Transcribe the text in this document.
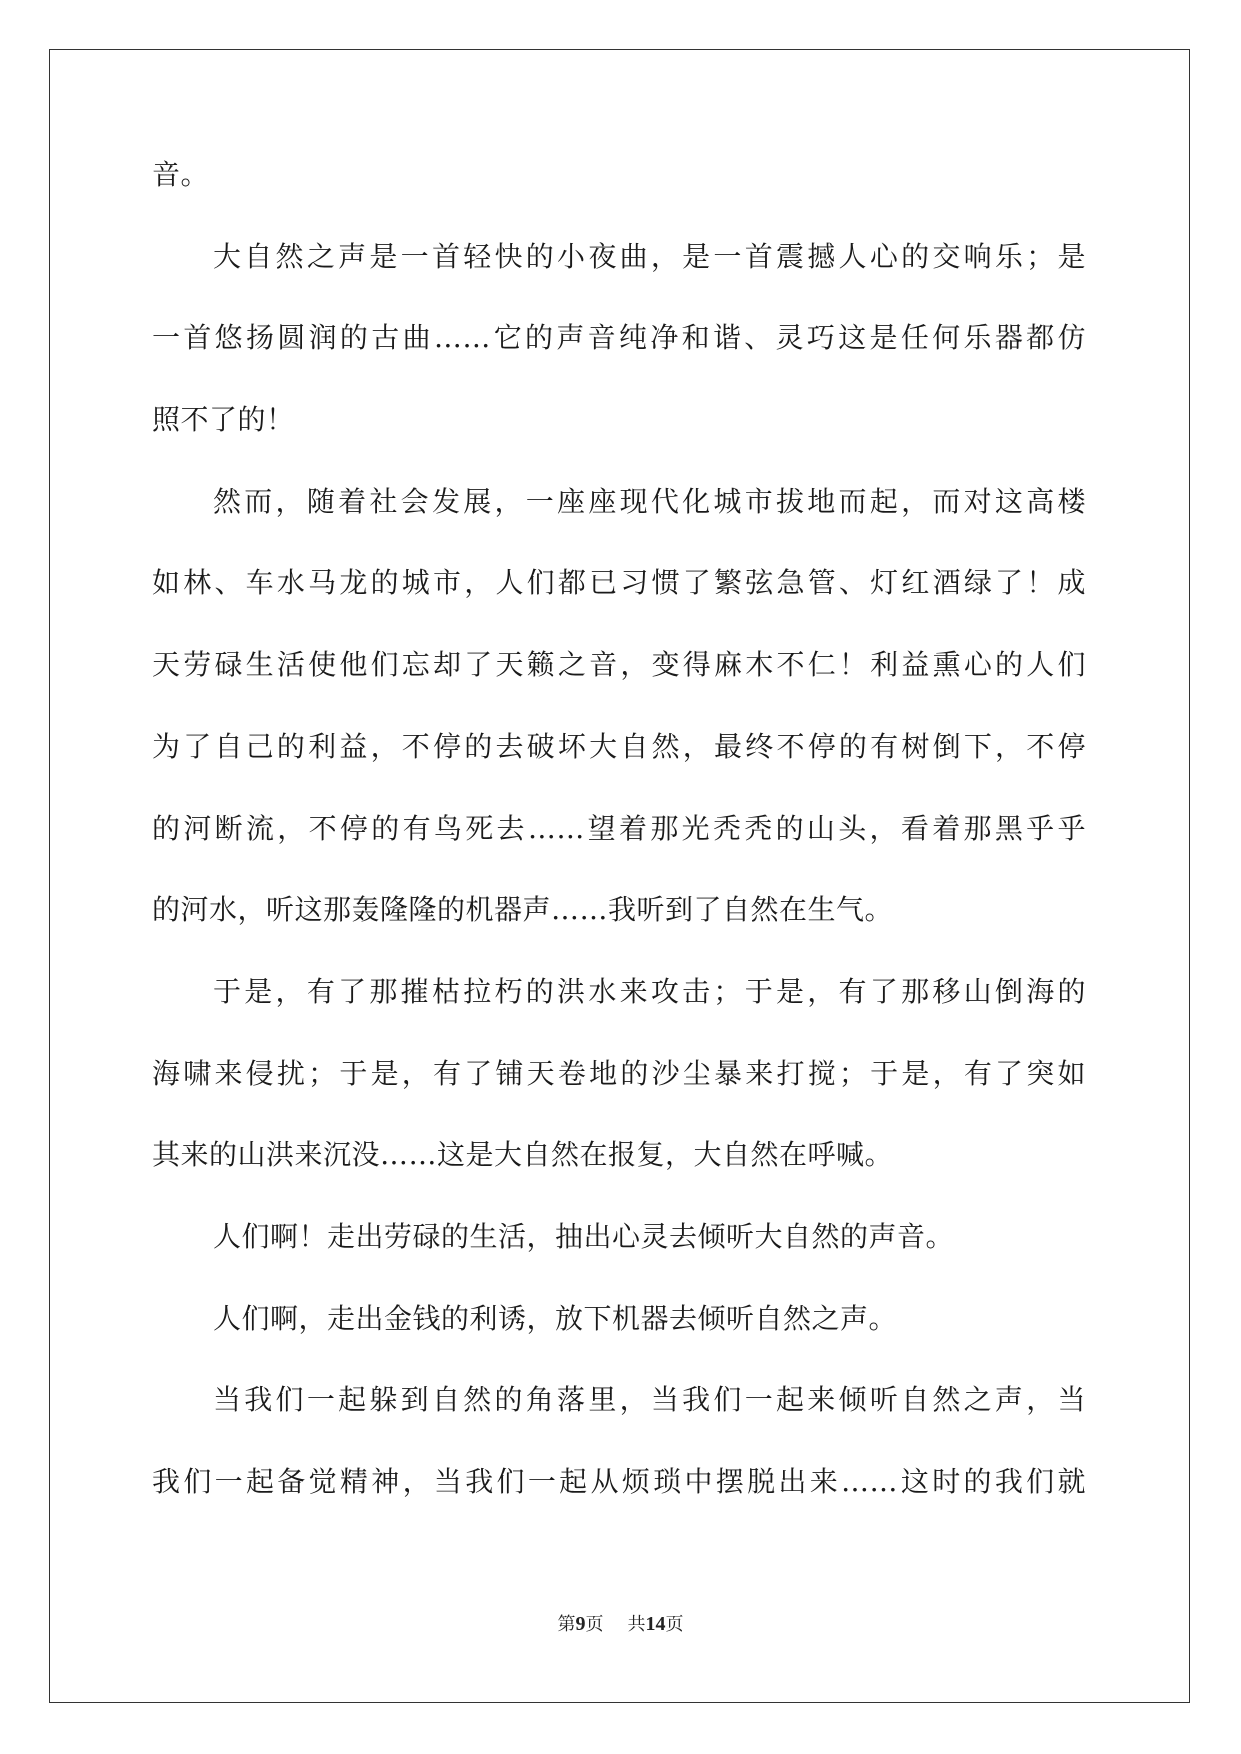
音。
大自然之声是一首轻快的小夜曲，是一首震撼人心的交响乐；是
一首悠扬圆润的古曲……它的声音纯净和谐、灵巧这是任何乐器都仿
照不了的！
然而，随着社会发展，一座座现代化城市拔地而起，而对这高楼
如林、车水马龙的城市，人们都已习惯了繁弦急管、灯红酒绿了！成
天劳碌生活使他们忘却了天籁之音，变得麻木不仁！利益熏心的人们
为了自己的利益，不停的去破坏大自然，最终不停的有树倒下，不停
的河断流，不停的有鸟死去……望着那光秃秃的山头，看着那黑乎乎
的河水，听这那轰隆隆的机器声……我听到了自然在生气。
于是，有了那摧枯拉朽的洪水来攻击；于是，有了那移山倒海的
海啸来侵扰；于是，有了铺天卷地的沙尘暴来打搅；于是，有了突如
其来的山洪来沉没……这是大自然在报复，大自然在呼喊。
人们啊！走出劳碌的生活，抽出心灵去倾听大自然的声音。
人们啊，走出金钱的利诱，放下机器去倾听自然之声。
当我们一起躲到自然的角落里，当我们一起来倾听自然之声，当
我们一起备觉精神，当我们一起从烦琐中摆脱出来……这时的我们就
第9页 共14页
